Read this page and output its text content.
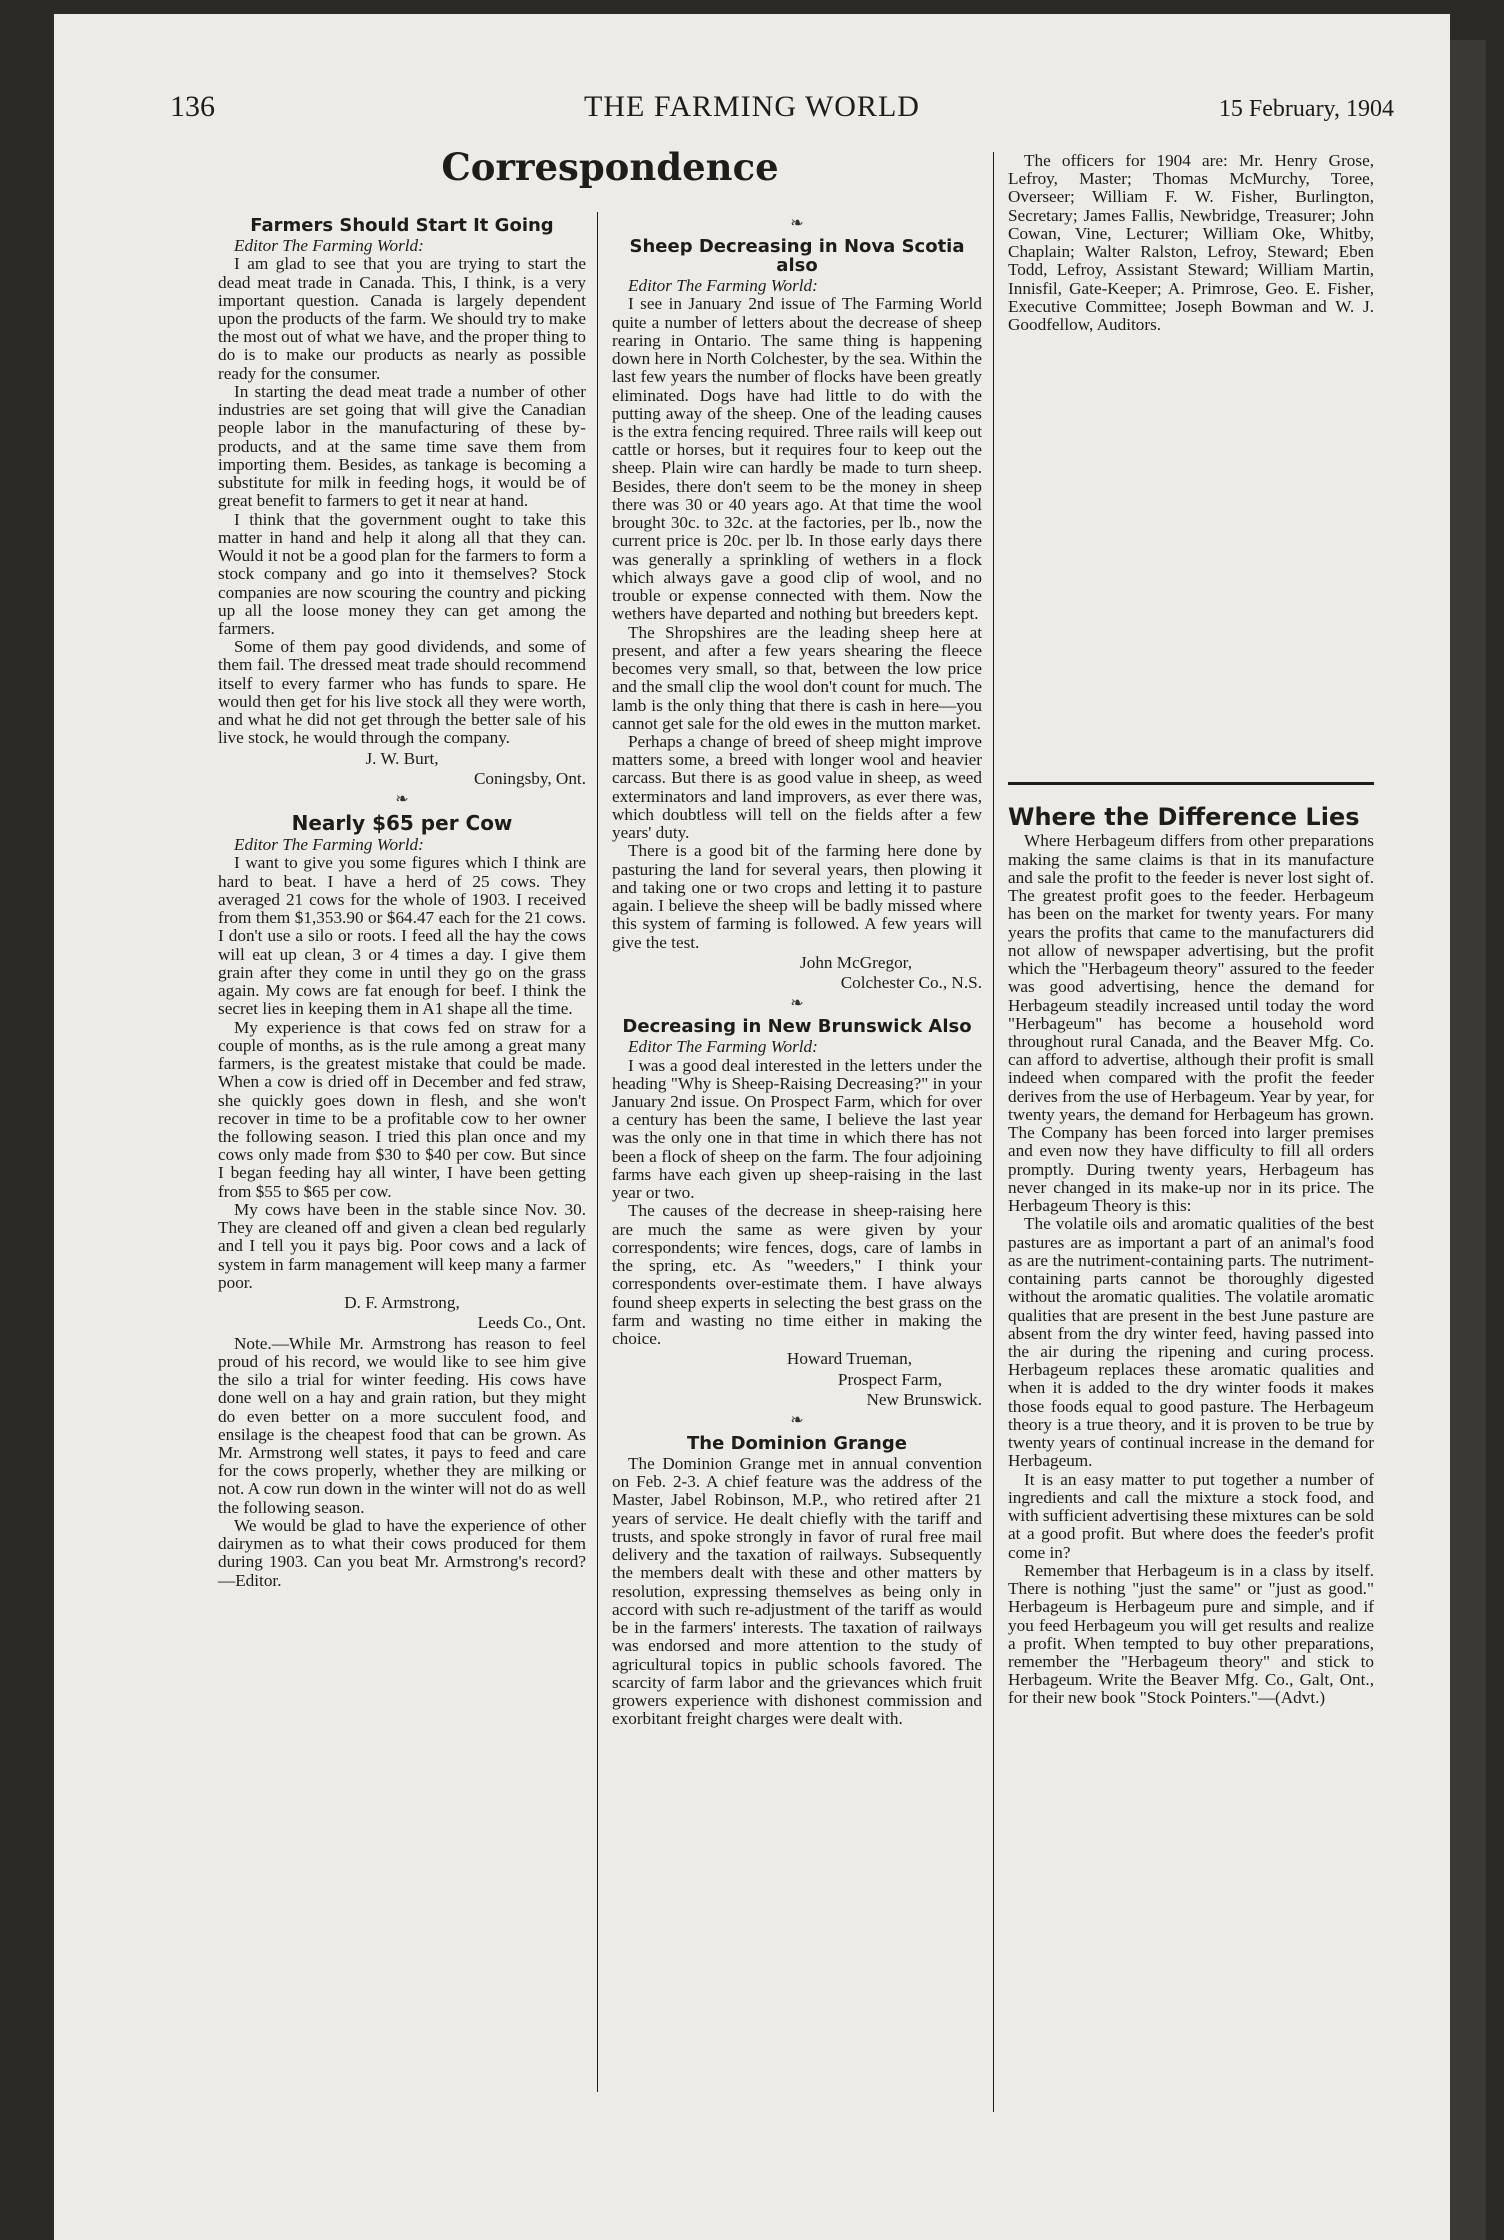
136	THE FARMING WORLD	15 February, 1904
Correspondence
Farmers Should Start It Going

Editor The Farming World:

I am glad to see that you are trying to start the dead meat trade in Canada. This, I think, is a very important question. Canada is largely dependent upon the products of the farm. We should try to make the most out of what we have, and the proper thing to do is to make our products as nearly as possible ready for the consumer.

In starting the dead meat trade a number of other industries are set going that will give the Canadian people labor in the manufacturing of these by-products, and at the same time save them from importing them. Besides, as tankage is becoming a substitute for milk in feeding hogs, it would be of great benefit to farmers to get it near at hand.

I think that the government ought to take this matter in hand and help it along all that they can. Would it not be a good plan for the farmers to form a stock company and go into it themselves? Stock companies are now scouring the country and picking up all the loose money they can get among the farmers.

Some of them pay good dividends, and some of them fail. The dressed meat trade should recommend itself to every farmer who has funds to spare. He would then get for his live stock all they were worth, and what he did not get through the better sale of his live stock, he would through the company.

J. W. Burt,
Coningsby, Ont.
❧
Nearly $65 per Cow

Editor The Farming World:

I want to give you some figures which I think are hard to beat. I have a herd of 25 cows. They averaged 21 cows for the whole of 1903. I received from them $1,353.90 or $64.47 each for the 21 cows. I don't use a silo or roots. I feed all the hay the cows will eat up clean, 3 or 4 times a day. I give them grain after they come in until they go on the grass again. My cows are fat enough for beef. I think the secret lies in keeping them in A1 shape all the time.

My experience is that cows fed on straw for a couple of months, as is the rule among a great many farmers, is the greatest mistake that could be made. When a cow is dried off in December and fed straw, she quickly goes down in flesh, and she won't recover in time to be a profitable cow to her owner the following season. I tried this plan once and my cows only made from $30 to $40 per cow. But since I began feeding hay all winter, I have been getting from $55 to $65 per cow.

My cows have been in the stable since Nov. 30. They are cleaned off and given a clean bed regularly and I tell you it pays big. Poor cows and a lack of system in farm management will keep many a farmer poor.

D. F. Armstrong,
Leeds Co., Ont.

Note.—While Mr. Armstrong has reason to feel proud of his record, we would like to see him give the silo a trial for winter feeding. His cows have done well on a hay and grain ration, but they might do even better on a more succulent food, and ensilage is the cheapest food that can be grown. As Mr. Armstrong well states, it pays to feed and care for the cows properly, whether they are milking or not. A cow run down in the winter will not do as well the following season.

We would be glad to have the experience of other dairymen as to what their cows produced for them during 1903. Can you beat Mr. Armstrong's record?—Editor.

❧
Sheep Decreasing in Nova Scotia also

Editor The Farming World:

I see in January 2nd issue of The Farming World quite a number of letters about the decrease of sheep rearing in Ontario. The same thing is happening down here in North Colchester, by the sea. Within the last few years the number of flocks have been greatly eliminated. Dogs have had little to do with the putting away of the sheep. One of the leading causes is the extra fencing required. Three rails will keep out cattle or horses, but it requires four to keep out the sheep. Plain wire can hardly be made to turn sheep. Besides, there don't seem to be the money in sheep there was 30 or 40 years ago. At that time the wool brought 30c. to 32c. at the factories, per lb., now the current price is 20c. per lb. In those early days there was generally a sprinkling of wethers in a flock which always gave a good clip of wool, and no trouble or expense connected with them. Now the wethers have departed and nothing but breeders kept.

The Shropshires are the leading sheep here at present, and after a few years shearing the fleece becomes very small, so that, between the low price and the small clip the wool don't count for much. The lamb is the only thing that there is cash in here—you cannot get sale for the old ewes in the mutton market.

Perhaps a change of breed of sheep might improve matters some, a breed with longer wool and heavier carcass. But there is as good value in sheep, as weed exterminators and land improvers, as ever there was, which doubtless will tell on the fields after a few years' duty.

There is a good bit of the farming here done by pasturing the land for several years, then plowing it and taking one or two crops and letting it to pasture again. I believe the sheep will be badly missed where this system of farming is followed. A few years will give the test.

John McGregor,
Colchester Co., N.S.
❧
Decreasing in New Brunswick Also

Editor The Farming World:

I was a good deal interested in the letters under the heading "Why is Sheep-Raising Decreasing?" in your January 2nd issue. On Prospect Farm, which for over a century has been the same, I believe the last year was the only one in that time in which there has not been a flock of sheep on the farm. The four adjoining farms have each given up sheep-raising in the last year or two.

The causes of the decrease in sheep-raising here are much the same as were given by your correspondents; wire fences, dogs, care of lambs in the spring, etc. As "weeders," I think your correspondents over-estimate them. I have always found sheep experts in selecting the best grass on the farm and wasting no time either in making the choice.

Howard Trueman,
Prospect Farm,
New Brunswick.
❧
The Dominion Grange

The Dominion Grange met in annual convention on Feb. 2-3. A chief feature was the address of the Master, Jabel Robinson, M.P., who retired after 21 years of service. He dealt chiefly with the tariff and trusts, and spoke strongly in favor of rural free mail delivery and the taxation of railways. Subsequently the members dealt with these and other matters by resolution, expressing themselves as being only in accord with such re-adjustment of the tariff as would be in the farmers' interests. The taxation of railways was endorsed and more attention to the study of agricultural topics in public schools favored. The scarcity of farm labor and the grievances which fruit growers experience with dishonest commission and exorbitant freight charges were dealt with.

The officers for 1904 are: Mr. Henry Grose, Lefroy, Master; Thomas McMurchy, Toree, Overseer; William F. W. Fisher, Burlington, Secretary; James Fallis, Newbridge, Treasurer; John Cowan, Vine, Lecturer; William Oke, Whitby, Chaplain; Walter Ralston, Lefroy, Steward; Eben Todd, Lefroy, Assistant Steward; William Martin, Innisfil, Gate-Keeper; A. Primrose, Geo. E. Fisher, Executive Committee; Joseph Bowman and W. J. Goodfellow, Auditors.

Where the Difference Lies

Where Herbageum differs from other preparations making the same claims is that in its manufacture and sale the profit to the feeder is never lost sight of. The greatest profit goes to the feeder. Herbageum has been on the market for twenty years. For many years the profits that came to the manufacturers did not allow of newspaper advertising, but the profit which the "Herbageum theory" assured to the feeder was good advertising, hence the demand for Herbageum steadily increased until today the word "Herbageum" has become a household word throughout rural Canada, and the Beaver Mfg. Co. can afford to advertise, although their profit is small indeed when compared with the profit the feeder derives from the use of Herbageum. Year by year, for twenty years, the demand for Herbageum has grown. The Company has been forced into larger premises and even now they have difficulty to fill all orders promptly. During twenty years, Herbageum has never changed in its make-up nor in its price. The Herbageum Theory is this:

The volatile oils and aromatic qualities of the best pastures are as important a part of an animal's food as are the nutriment-containing parts. The nutriment-containing parts cannot be thoroughly digested without the aromatic qualities. The volatile aromatic qualities that are present in the best June pasture are absent from the dry winter feed, having passed into the air during the ripening and curing process. Herbageum replaces these aromatic qualities and when it is added to the dry winter foods it makes those foods equal to good pasture. The Herbageum theory is a true theory, and it is proven to be true by twenty years of continual increase in the demand for Herbageum.

It is an easy matter to put together a number of ingredients and call the mixture a stock food, and with sufficient advertising these mixtures can be sold at a good profit. But where does the feeder's profit come in?

Remember that Herbageum is in a class by itself. There is nothing "just the same" or "just as good." Herbageum is Herbageum pure and simple, and if you feed Herbageum you will get results and realize a profit. When tempted to buy other preparations, remember the "Herbageum theory" and stick to Herbageum. Write the Beaver Mfg. Co., Galt, Ont., for their new book "Stock Pointers."—(Advt.)
